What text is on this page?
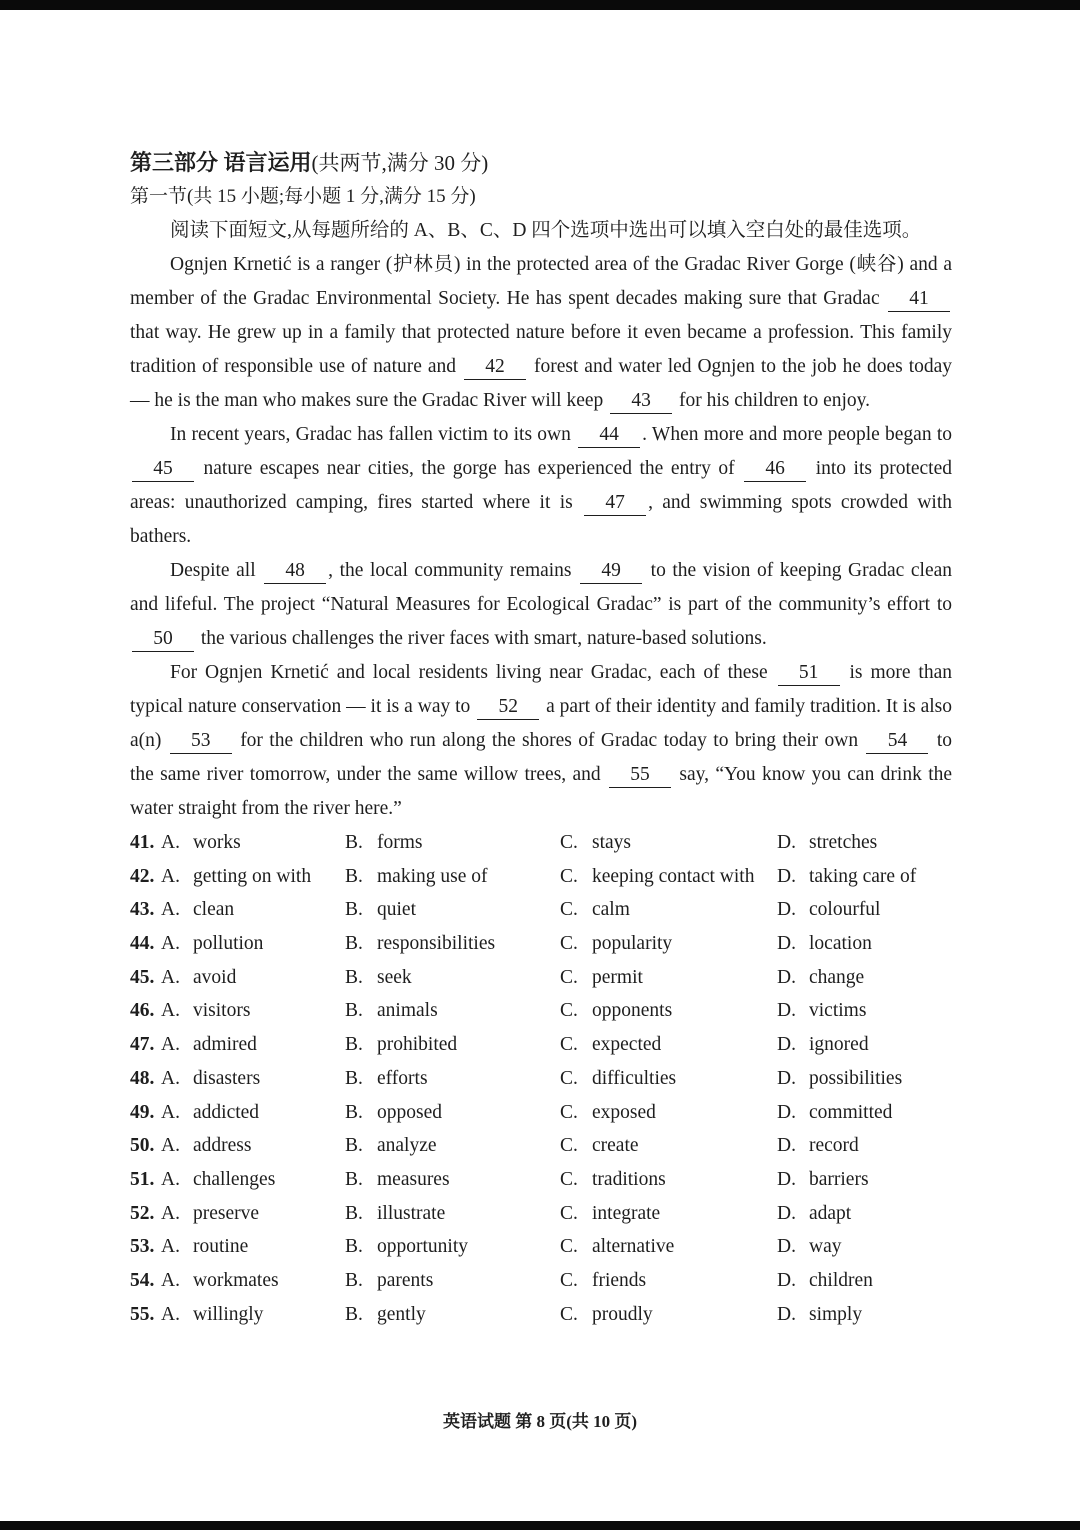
第三部分 语言运用(共两节,满分 30 分)
第一节(共 15 小题;每小题 1 分,满分 15 分)
阅读下面短文,从每题所给的 A、B、C、D 四个选项中选出可以填入空白处的最佳选项。

Ognjen Krnetić is a ranger (护林员) in the protected area of the Gradac River Gorge (峡谷) and a member of the Gradac Environmental Society. He has spent decades making sure that Gradac 41 that way. He grew up in a family that protected nature before it even became a profession. This family tradition of responsible use of nature and 42 forest and water led Ognjen to the job he does today — he is the man who makes sure the Gradac River will keep 43 for his children to enjoy.

In recent years, Gradac has fallen victim to its own 44 . When more and more people began to 45 nature escapes near cities, the gorge has experienced the entry of 46 into its protected areas: unauthorized camping, fires started where it is 47 , and swimming spots crowded with bathers.

Despite all 48 , the local community remains 49 to the vision of keeping Gradac clean and lifeful. The project “Natural Measures for Ecological Gradac” is part of the community’s effort to 50 the various challenges the river faces with smart, nature-based solutions.

For Ognjen Krnetić and local residents living near Gradac, each of these 51 is more than typical nature conservation — it is a way to 52 a part of their identity and family tradition. It is also a(n) 53 for the children who run along the shores of Gradac today to bring their own 54 to the same river tomorrow, under the same willow trees, and 55 say, “You know you can drink the water straight from the river here.”

41. A. works	B. forms	C. stays	D. stretches
42. A. getting on with	B. making use of	C. keeping contact with	D. taking care of
43. A. clean	B. quiet	C. calm	D. colourful
44. A. pollution	B. responsibilities	C. popularity	D. location
45. A. avoid	B. seek	C. permit	D. change
46. A. visitors	B. animals	C. opponents	D. victims
47. A. admired	B. prohibited	C. expected	D. ignored
48. A. disasters	B. efforts	C. difficulties	D. possibilities
49. A. addicted	B. opposed	C. exposed	D. committed
50. A. address	B. analyze	C. create	D. record
51. A. challenges	B. measures	C. traditions	D. barriers
52. A. preserve	B. illustrate	C. integrate	D. adapt
53. A. routine	B. opportunity	C. alternative	D. way
54. A. workmates	B. parents	C. friends	D. children
55. A. willingly	B. gently	C. proudly	D. simply
英语试题 第 8 页(共 10 页)
